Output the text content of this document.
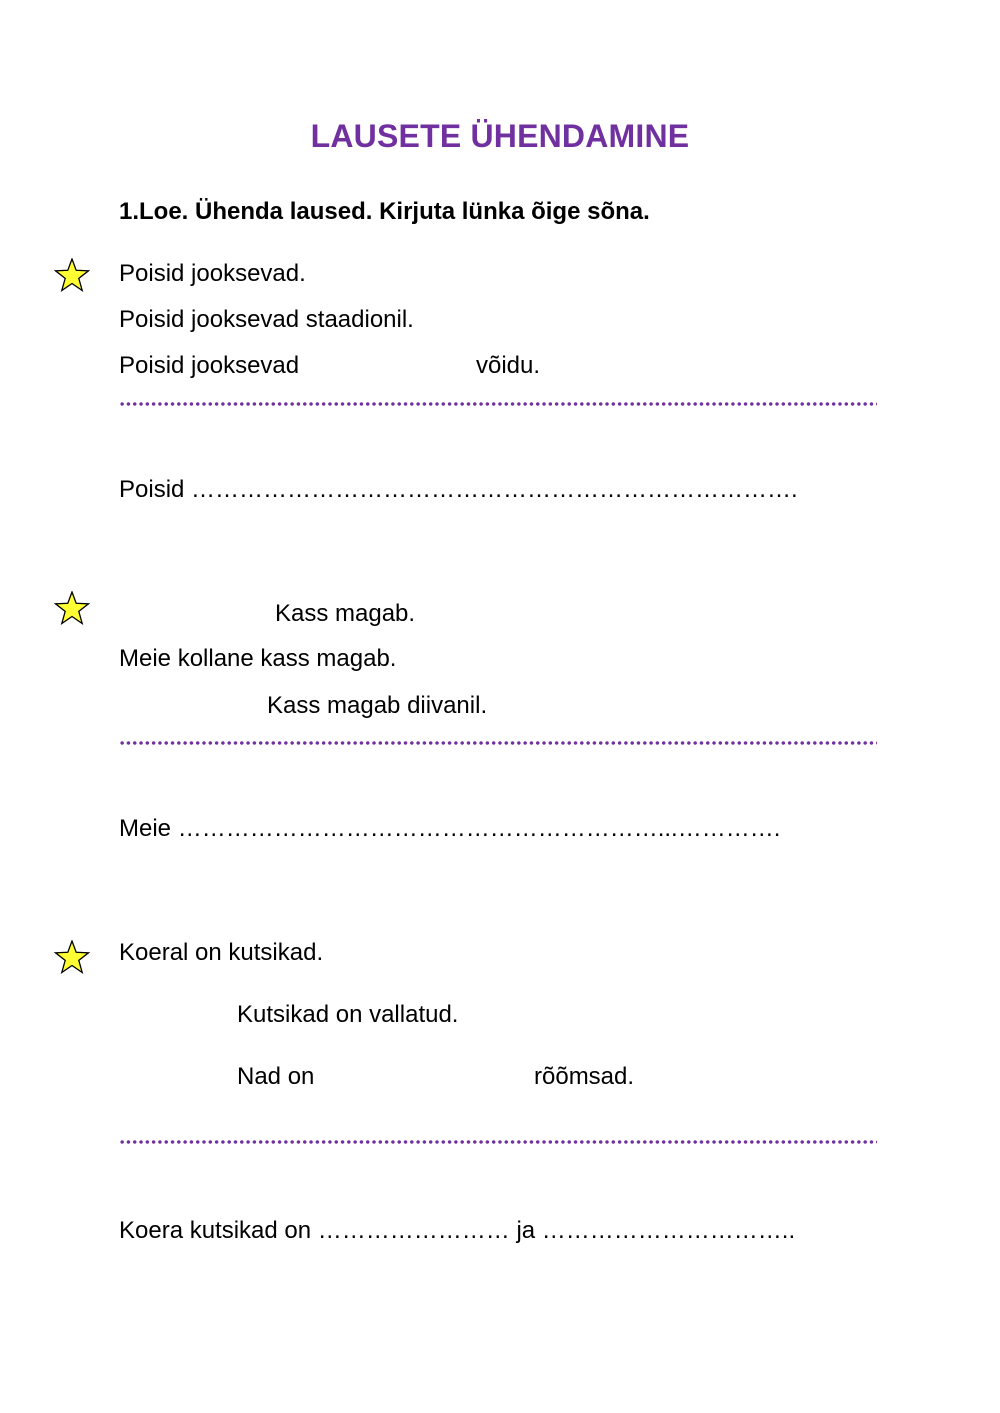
LAUSETE ÜHENDAMINE
1.Loe. Ühenda laused. Kirjuta lünka õige sõna.
Poisid jooksevad.
Poisid jooksevad staadionil.
Poisid jooksevad	võidu.
Poisid ………………………………………………………………….
Kass magab.
Meie kollane kass magab.
Kass magab diivanil.
Meie ……………………………………………………...………….
Koeral on kutsikad.
Kutsikad on vallatud.
Nad on	rõõmsad.
Koera kutsikad on …………………… ja …………………………..
